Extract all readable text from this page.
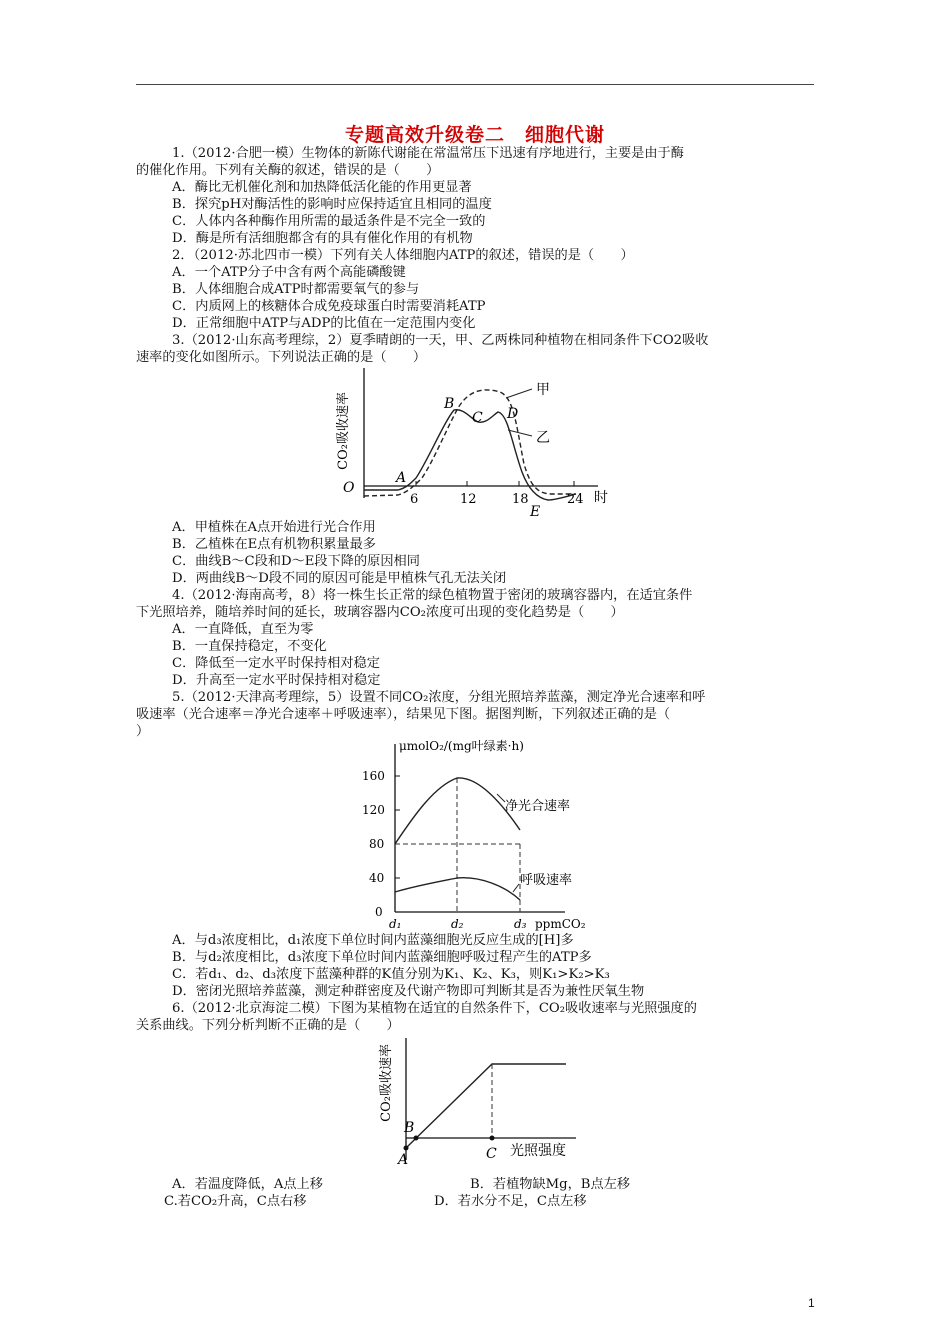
专题高效升级卷二　细胞代谢
1.（2012·合肥一模）生物体的新陈代谢能在常温常压下迅速有序地进行，主要是由于酶
的催化作用。下列有关酶的叙述，错误的是（　　）
A．酶比无机催化剂和加热降低活化能的作用更显著
B．探究pH对酶活性的影响时应保持适宜且相同的温度
C．人体内各种酶作用所需的最适条件是不完全一致的
D．酶是所有活细胞都含有的具有催化作用的有机物
2．（2012·苏北四市一模）下列有关人体细胞内ATP的叙述，错误的是（　　）
A．一个ATP分子中含有两个高能磷酸键
B．人体细胞合成ATP时都需要氧气的参与
C．内质网上的核糖体合成免疫球蛋白时需要消耗ATP
D．正常细胞中ATP与ADP的比值在一定范围内变化
3.（2012·山东高考理综，2）夏季晴朗的一天，甲、乙两株同种植物在相同条件下CO2吸收
速率的变化如图所示。下列说法正确的是（　　）
CO₂吸收速率
O
6	12	18	24 时
A
B
C D
E
甲
乙
A．甲植株在A点开始进行光合作用
B．乙植株在E点有机物积累量最多
C．曲线B～C段和D～E段下降的原因相同
D．两曲线B～D段不同的原因可能是甲植株气孔无法关闭
4.（2012·海南高考，8）将一株生长正常的绿色植物置于密闭的玻璃容器内，在适宜条件
下光照培养，随培养时间的延长，玻璃容器内CO₂浓度可出现的变化趋势是（　　）
A．一直降低，直至为零
B．一直保持稳定，不变化
C．降低至一定水平时保持相对稳定
D．升高至一定水平时保持相对稳定
5.（2012·天津高考理综，5）设置不同CO₂浓度，分组光照培养蓝藻，测定净光合速率和呼
吸速率（光合速率＝净光合速率＋呼吸速率），结果见下图。据图判断，下列叙述正确的是（
）
μmolO₂/(mg叶绿素·h)
0
40
80
120
160
d₁	d₂	d₃ ppmCO₂
净光合速率
呼吸速率
A．与d₃浓度相比，d₁浓度下单位时间内蓝藻细胞光反应生成的[H]多
B．与d₂浓度相比，d₃浓度下单位时间内蓝藻细胞呼吸过程产生的ATP多
C．若d₁、d₂、d₃浓度下蓝藻种群的K值分别为K₁、K₂、K₃，则K₁>K₂>K₃
D．密闭光照培养蓝藻，测定种群密度及代谢产物即可判断其是否为兼性厌氧生物
6.（2012·北京海淀二模）下图为某植物在适宜的自然条件下，CO₂吸收速率与光照强度的
关系曲线。下列分析判断不正确的是（　　）
CO₂吸收速率
A
B
C 光照强度
A．若温度降低，A点上移	B．若植物缺Mg，B点左移
C.若CO₂升高，C点右移	D．若水分不足，C点左移
1
